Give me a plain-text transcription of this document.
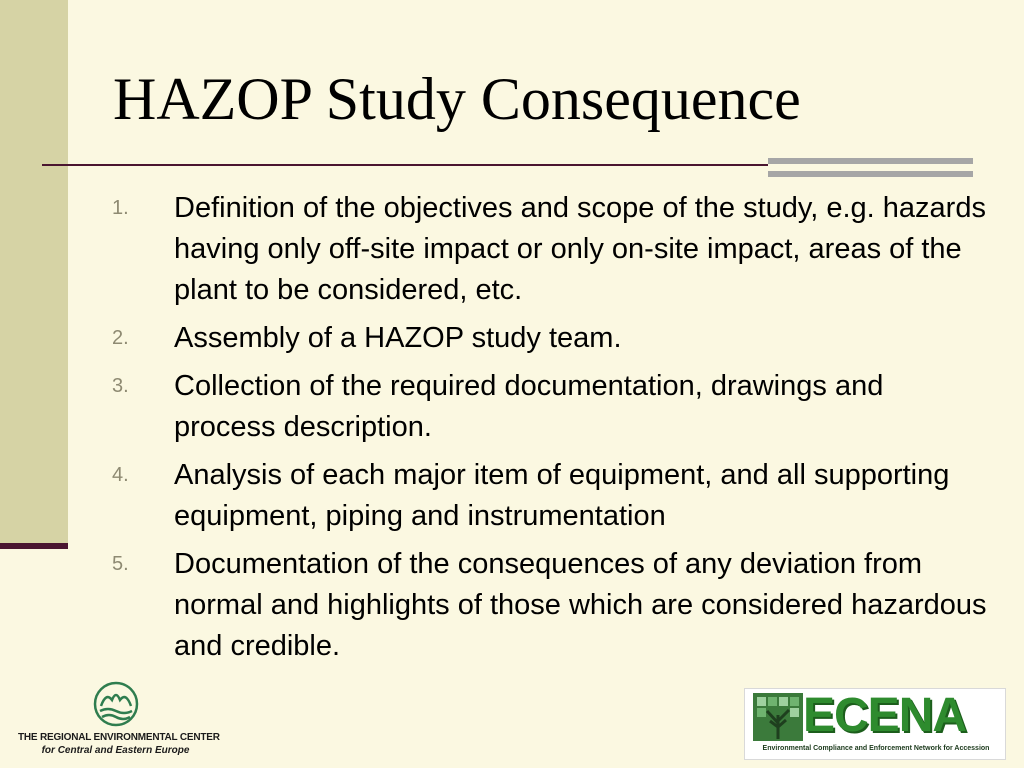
HAZOP Study Consequence
1. Definition of the objectives and scope of the study, e.g. hazards having only off-site impact or only on-site impact, areas of the plant to be considered, etc.
2. Assembly of a HAZOP study team.
3. Collection of the required documentation, drawings and process description.
4. Analysis of each major item of equipment, and all supporting equipment, piping and instrumentation
5. Documentation of the consequences of any deviation from normal and highlights of those which are considered hazardous and credible.
THE REGIONAL ENVIRONMENTAL CENTER
for Central and Eastern Europe
ECENA
Environmental Compliance and Enforcement Network for Accession
